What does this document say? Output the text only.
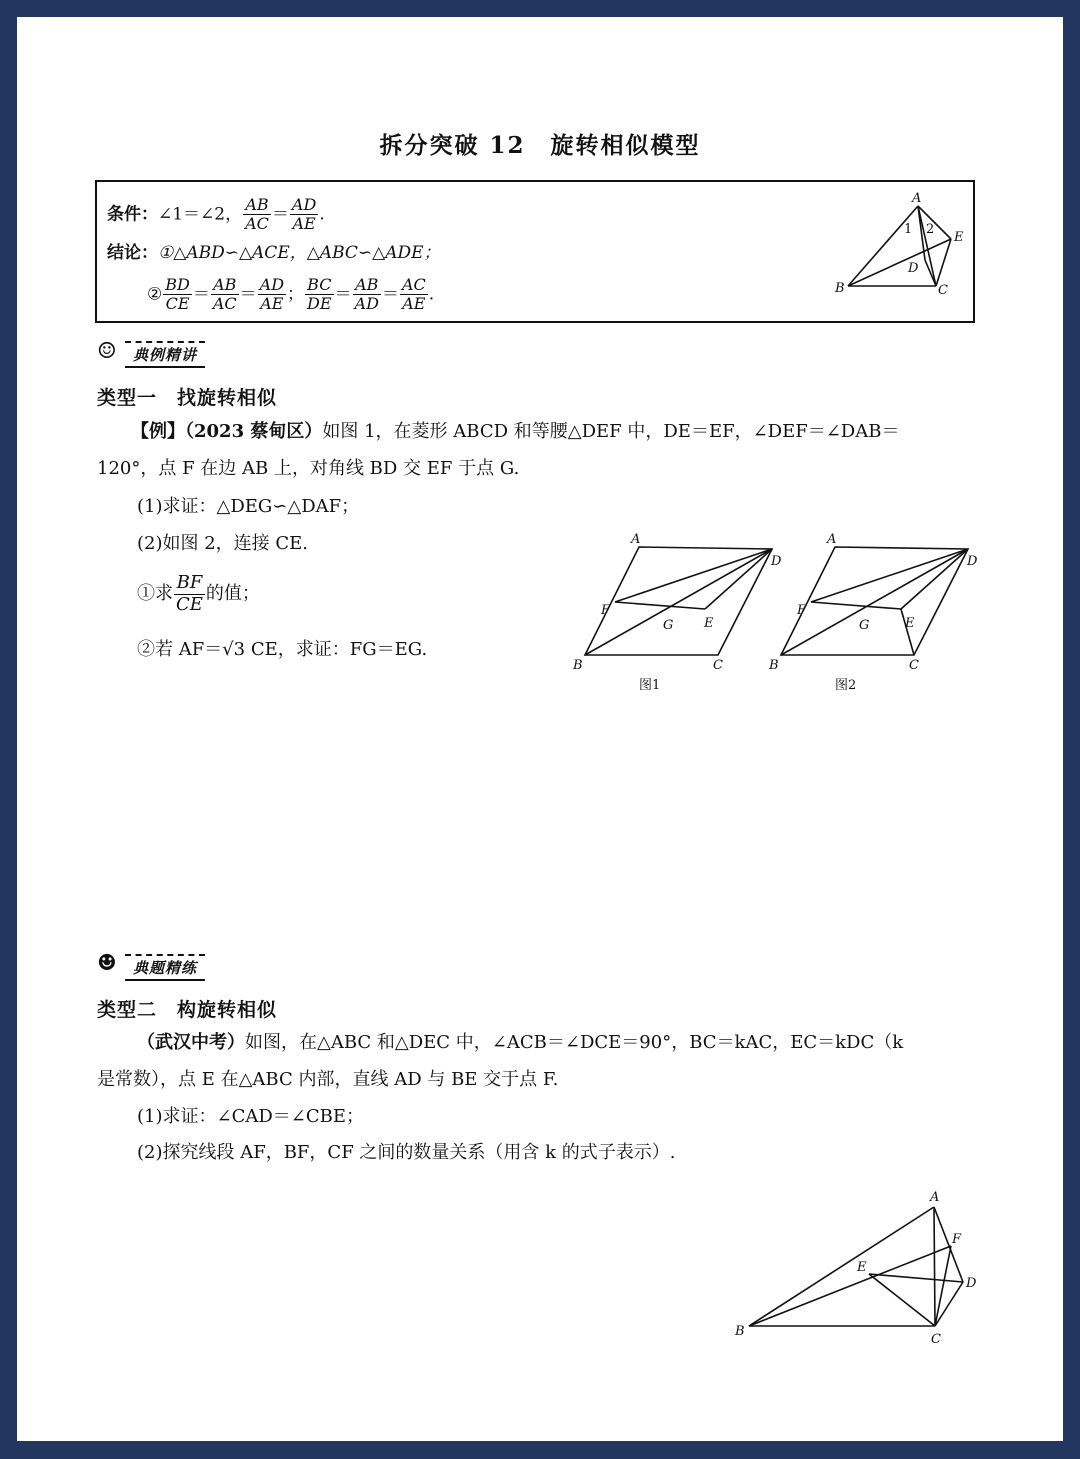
拆分突破 12　旋转相似模型
条件：∠1＝∠2， $\frac{AB}{AC} = \frac{AD}{AE}$ .
结论：①△ABD∽△ACE，△ABC∽△ADE；
② $\frac{BD}{CE} = \frac{AB}{AC} = \frac{AD}{AE}$ ； $\frac{BC}{DE} = \frac{AB}{AD} = \frac{AC}{AE}$ .
A
B	C
D
E
1 2
☺	典例精讲
类型一　找旋转相似
【例】（2023 蔡甸区）如图 1，在菱形 ABCD 和等腰△DEF 中，DE＝EF，∠DEF＝∠DAB＝
120°，点 F 在边 AB 上，对角线 BD 交 EF 于点 G.
(1)求证：△DEG∽△DAF；
(2)如图 2，连接 CE.
①求 $\frac{BF}{CE}$ 的值；
②若 AF＝√3 CE，求证：FG＝EG.
A
B	C
D
E
F
G
图1
A
B	C
D
E
F
G
图2
☻	典题精练
类型二　构旋转相似
（武汉中考）如图，在△ABC 和△DEC 中，∠ACB＝∠DCE＝90°，BC＝kAC，EC＝kDC（k
是常数），点 E 在△ABC 内部，直线 AD 与 BE 交于点 F.
(1)求证：∠CAD＝∠CBE；
(2)探究线段 AF，BF，CF 之间的数量关系（用含 k 的式子表示）.
A
B
C
D
E
F
